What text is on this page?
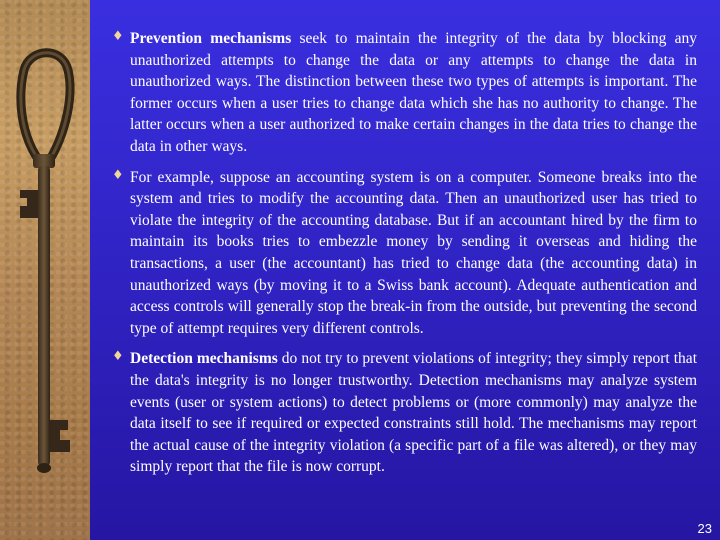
♦ Prevention mechanisms seek to maintain the integrity of the data by blocking any unauthorized attempts to change the data or any attempts to change the data in unauthorized ways. The distinction between these two types of attempts is important. The former occurs when a user tries to change data which she has no authority to change. The latter occurs when a user authorized to make certain changes in the data tries to change the data in other ways.

♦ For example, suppose an accounting system is on a computer. Someone breaks into the system and tries to modify the accounting data. Then an unauthorized user has tried to violate the integrity of the accounting database. But if an accountant hired by the firm to maintain its books tries to embezzle money by sending it overseas and hiding the transactions, a user (the accountant) has tried to change data (the accounting data) in unauthorized ways (by moving it to a Swiss bank account). Adequate authentication and access controls will generally stop the break-in from the outside, but preventing the second type of attempt requires very different controls.

♦ Detection mechanisms do not try to prevent violations of integrity; they simply report that the data's integrity is no longer trustworthy. Detection mechanisms may analyze system events (user or system actions) to detect problems or (more commonly) may analyze the data itself to see if required or expected constraints still hold. The mechanisms may report the actual cause of the integrity violation (a specific part of a file was altered), or they may simply report that the file is now corrupt.

23
